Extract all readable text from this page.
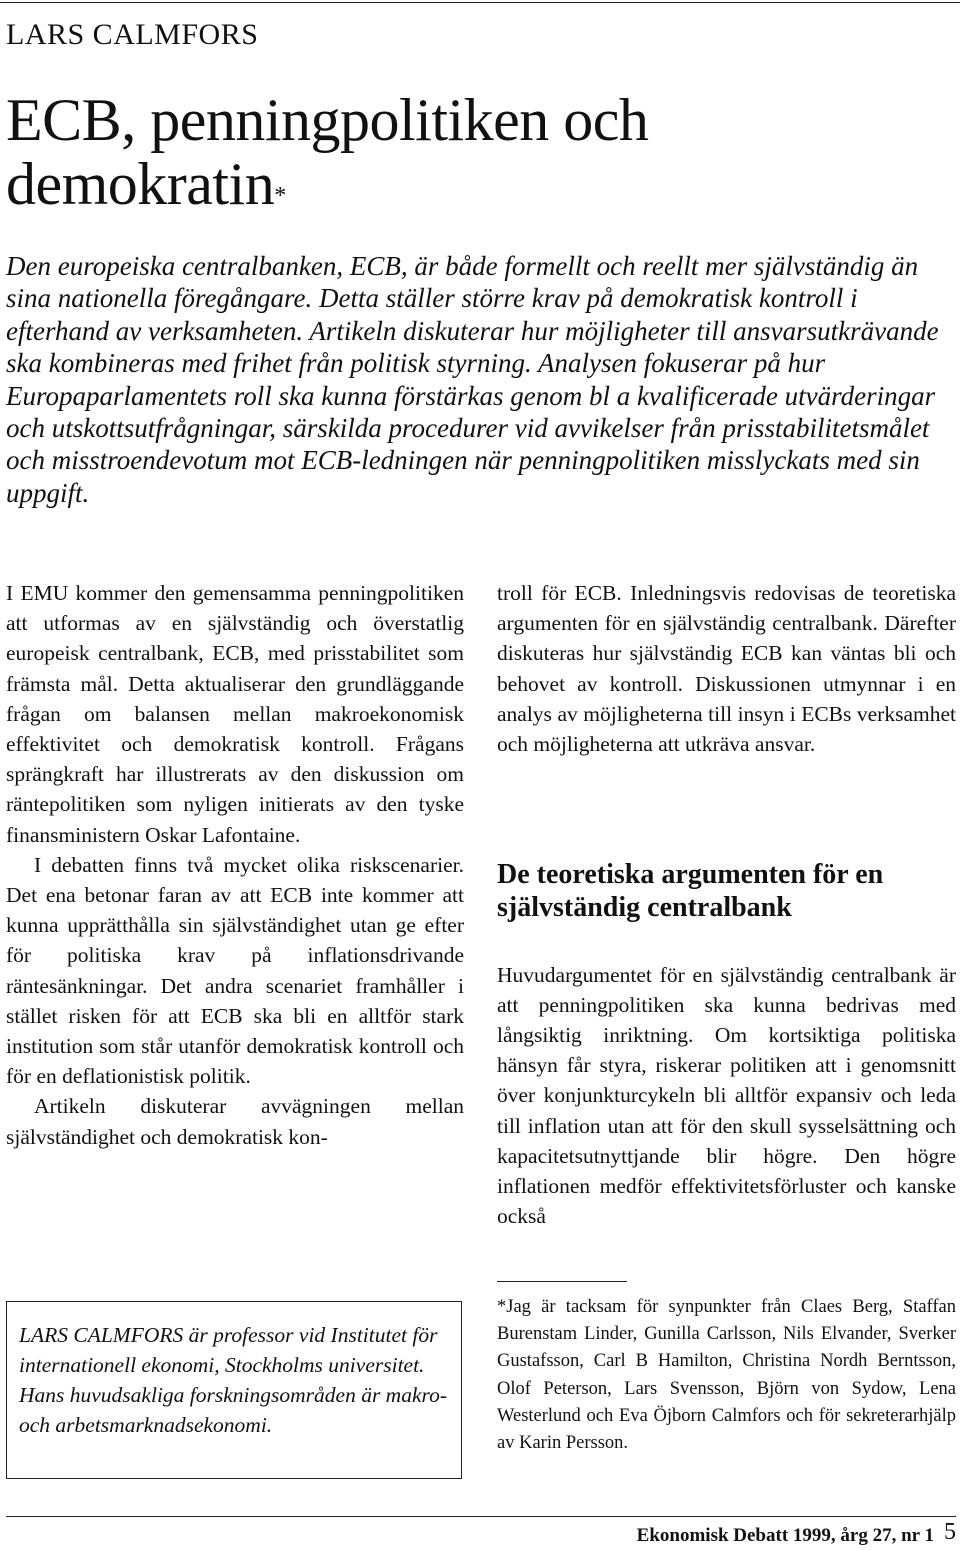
LARS CALMFORS
ECB, penningpolitiken och demokratin*
Den europeiska centralbanken, ECB, är både formellt och reellt mer självständig än sina nationella föregångare. Detta ställer större krav på demokratisk kontroll i efterhand av verksamheten. Artikeln diskuterar hur möjligheter till ansvarsutkrävande ska kombineras med frihet från politisk styrning. Analysen fokuserar på hur Europaparlamentets roll ska kunna förstärkas genom bl a kvalificerade utvärderingar och utskottsutfrågningar, särskilda procedurer vid avvikelser från prisstabilitetsmålet och misstroendevotum mot ECB-ledningen när penningpolitiken misslyckats med sin uppgift.

I EMU kommer den gemensamma penningpolitiken att utformas av en självständig och överstatlig europeisk centralbank, ECB, med prisstabilitet som främsta mål. Detta aktualiserar den grundläggande frågan om balansen mellan makroekonomisk effektivitet och demokratisk kontroll. Frågans sprängkraft har illustrerats av den diskussion om räntepolitiken som nyligen initierats av den tyske finansministern Oskar Lafontaine.

I debatten finns två mycket olika riskscenarier. Det ena betonar faran av att ECB inte kommer att kunna upprätthålla sin självständighet utan ge efter för politiska krav på inflationsdrivande räntesänkningar. Det andra scenariet framhåller i stället risken för att ECB ska bli en alltför stark institution som står utanför demokratisk kontroll och för en deflationistisk politik.

Artikeln diskuterar avvägningen mellan självständighet och demokratisk kon-

troll för ECB. Inledningsvis redovisas de teoretiska argumenten för en självständig centralbank. Därefter diskuteras hur självständig ECB kan väntas bli och behovet av kontroll. Diskussionen utmynnar i en analys av möjligheterna till insyn i ECBs verksamhet och möjligheterna att utkräva ansvar.

De teoretiska argumenten för en självständig centralbank

Huvudargumentet för en självständig centralbank är att penningpolitiken ska kunna bedrivas med långsiktig inriktning. Om kortsiktiga politiska hänsyn får styra, riskerar politiken att i genomsnitt över konjunkturcykeln bli alltför expansiv och leda till inflation utan att för den skull sysselsättning och kapacitetsutnyttjande blir högre. Den högre inflationen medför effektivitetsförluster och kanske också

*Jag är tacksam för synpunkter från Claes Berg, Staffan Burenstam Linder, Gunilla Carlsson, Nils Elvander, Sverker Gustafsson, Carl B Hamilton, Christina Nordh Berntsson, Olof Peterson, Lars Svensson, Björn von Sydow, Lena Westerlund och Eva Öjborn Calmfors och för sekreterarhjälp av Karin Persson.
LARS CALMFORS är professor vid Institutet för internationell ekonomi, Stockholms universitet. Hans huvudsakliga forskningsområden är makro- och arbetsmarknadsekonomi.
Ekonomisk Debatt 1999, årg 27, nr 1 5
